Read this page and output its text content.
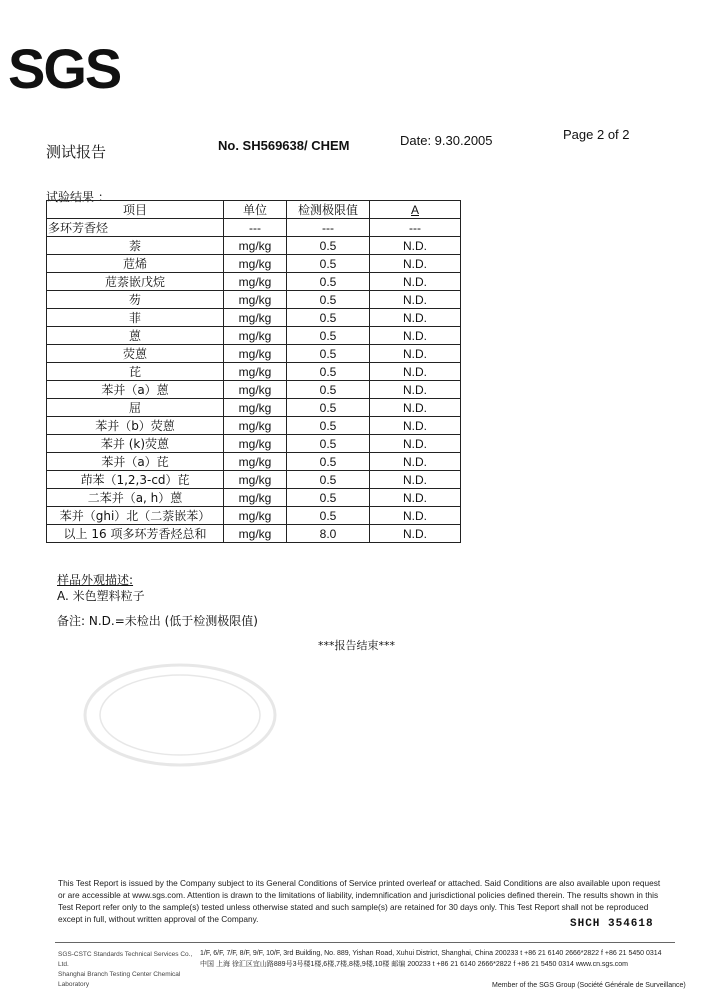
SGS
测试报告	No. SH569638/ CHEM	Date: 9.30.2005	Page 2 of 2
试验结果 ：
项目	单位	检测极限值	A
多环芳香烃	---	---	---
萘	mg/kg	0.5	N.D.
苊烯	mg/kg	0.5	N.D.
苊萘嵌戊烷	mg/kg	0.5	N.D.
芴	mg/kg	0.5	N.D.
菲	mg/kg	0.5	N.D.
蒽	mg/kg	0.5	N.D.
荧蒽	mg/kg	0.5	N.D.
芘	mg/kg	0.5	N.D.
苯并（a）蒽	mg/kg	0.5	N.D.
屈	mg/kg	0.5	N.D.
苯并（b）荧蒽	mg/kg	0.5	N.D.
苯并 (k)荧蒽	mg/kg	0.5	N.D.
苯并（a）芘	mg/kg	0.5	N.D.
茚苯（1,2,3-cd）芘	mg/kg	0.5	N.D.
二苯并（a, h）蒽	mg/kg	0.5	N.D.
苯并（ghi）北（二萘嵌苯）	mg/kg	0.5	N.D.
以上 16 项多环芳香烃总和	mg/kg	8.0	N.D.
样品外观描述:
A. 米色塑料粒子
备注: N.D.=未检出 (低于检测极限值)
***报告结束***
This Test Report is issued by the Company subject to its General Conditions of Service printed overleaf or attached. Said Conditions are also available upon request or are accessible at www.sgs.com. Attention is drawn to the limitations of liability, indemnification and jurisdictional policies defined therein. The results shown in this Test Report refer only to the sample(s) tested unless otherwise stated and such sample(s) are retained for 30 days only. This Test Report shall not be reproduced except in full, without written approval of the Company.	SHCH 354618
SGS-CSTC Standards Technical Services Co., Ltd.
Shanghai Branch Testing Center Chemical Laboratory
1/F, 6/F, 7/F, 8/F, 9/F, 10/F, 3rd Building, No. 889, Yishan Road, Xuhui District, Shanghai, China 200233 t +86 21 6140 2666*2822 f +86 21 5450 0314
中国 上海 徐汇区宜山路889号3号楼1楼,6楼,7楼,8楼,9楼,10楼 邮编 200233 t +86 21 6140 2666*2822 f +86 21 5450 0314 www.cn.sgs.com
Member of the SGS Group (Société Générale de Surveillance)
